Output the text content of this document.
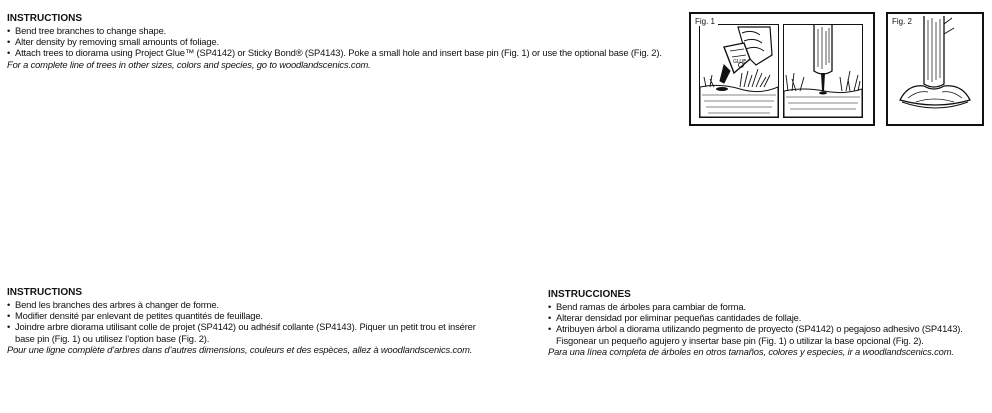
INSTRUCTIONS
• Bend tree branches to change shape.
• Alter density by removing small amounts of foliage.
• Attach trees to diorama using Project Glue™ (SP4142) or Sticky Bond® (SP4143). Poke a small hole and insert base pin (Fig. 1) or use the optional base (Fig. 2).

For a complete line of trees in other sizes, colors and species, go to woodlandscenics.com.	GLUE
Fig. 1	Fig. 2
INSTRUCTIONS
• Bend les branches des arbres à changer de forme.
• Modifier densité par enlevant de petites quantités de feuillage.
• Joindre arbre diorama utilisant colle de projet (SP4142) ou adhésif collante (SP4143). Piquer un petit trou et insérer base pin (Fig. 1) ou utilisez l’option base (Fig. 2).

Pour une ligne complète d’arbres dans d’autres dimensions, couleurs et des espèces, allez à woodlandscenics.com.

INSTRUCCIONES
• Bend ramas de árboles para cambiar de forma.
• Alterar densidad por eliminar pequeñas cantidades de follaje.
• Atribuyen árbol a diorama utilizando pegmento de proyecto (SP4142) o pegajoso adhesivo (SP4143). Fisgonear un pequeño agujero y insertar base pin (Fig. 1) o utilizar la base opcional (Fig. 2).

Para una línea completa de árboles en otros tamaños, colores y especies, ir a woodlandscenics.com.
